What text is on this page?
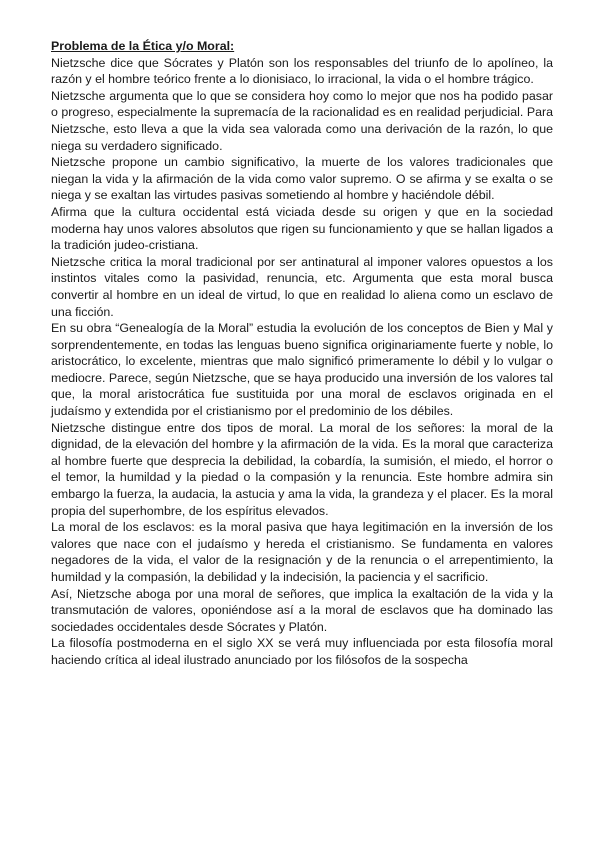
Problema de la Ética y/o Moral:

Nietzsche dice que Sócrates y Platón son los responsables del triunfo de lo apolíneo, la razón y el hombre teórico frente a lo dionisiaco, lo irracional, la vida o el hombre trágico.

Nietzsche argumenta que lo que se considera hoy como lo mejor que nos ha podido pasar o progreso, especialmente la supremacía de la racionalidad es en realidad perjudicial. Para Nietzsche, esto lleva a que la vida sea valorada como una derivación de la razón, lo que niega su verdadero significado.

Nietzsche propone un cambio significativo, la muerte de los valores tradicionales que niegan la vida y la afirmación de la vida como valor supremo. O se afirma y se exalta o se niega y se exaltan las virtudes pasivas sometiendo al hombre y haciéndole débil.

Afirma que la cultura occidental está viciada desde su origen y que en la sociedad moderna hay unos valores absolutos que rigen su funcionamiento y que se hallan ligados a la tradición judeo-cristiana.

Nietzsche critica la moral tradicional por ser antinatural al imponer valores opuestos a los instintos vitales como la pasividad, renuncia, etc. Argumenta que esta moral busca convertir al hombre en un ideal de virtud, lo que en realidad lo aliena como un esclavo de una ficción.

En su obra “Genealogía de la Moral” estudia la evolución de los conceptos de Bien y Mal y sorprendentemente, en todas las lenguas bueno significa originariamente fuerte y noble, lo aristocrático, lo excelente, mientras que malo significó primeramente lo débil y lo vulgar o mediocre. Parece, según Nietzsche, que se haya producido una inversión de los valores tal que, la moral aristocrática fue sustituida por una moral de esclavos originada en el judaísmo y extendida por el cristianismo por el predominio de los débiles.

Nietzsche distingue entre dos tipos de moral. La moral de los señores: la moral de la dignidad, de la elevación del hombre y la afirmación de la vida. Es la moral que caracteriza al hombre fuerte que desprecia la debilidad, la cobardía, la sumisión, el miedo, el horror o el temor, la humildad y la piedad o la compasión y la renuncia. Este hombre admira sin embargo la fuerza, la audacia, la astucia y ama la vida, la grandeza y el placer. Es la moral propia del superhombre, de los espíritus elevados.

La moral de los esclavos: es la moral pasiva que haya legitimación en la inversión de los valores que nace con el judaísmo y hereda el cristianismo. Se fundamenta en valores negadores de la vida, el valor de la resignación y de la renuncia o el arrepentimiento, la humildad y la compasión, la debilidad y la indecisión, la paciencia y el sacrificio.

Así, Nietzsche aboga por una moral de señores, que implica la exaltación de la vida y la transmutación de valores, oponiéndose así a la moral de esclavos que ha dominado las sociedades occidentales desde Sócrates y Platón.

La filosofía postmoderna en el siglo XX se verá muy influenciada por esta filosofía moral haciendo crítica al ideal ilustrado anunciado por los filósofos de la sospecha
